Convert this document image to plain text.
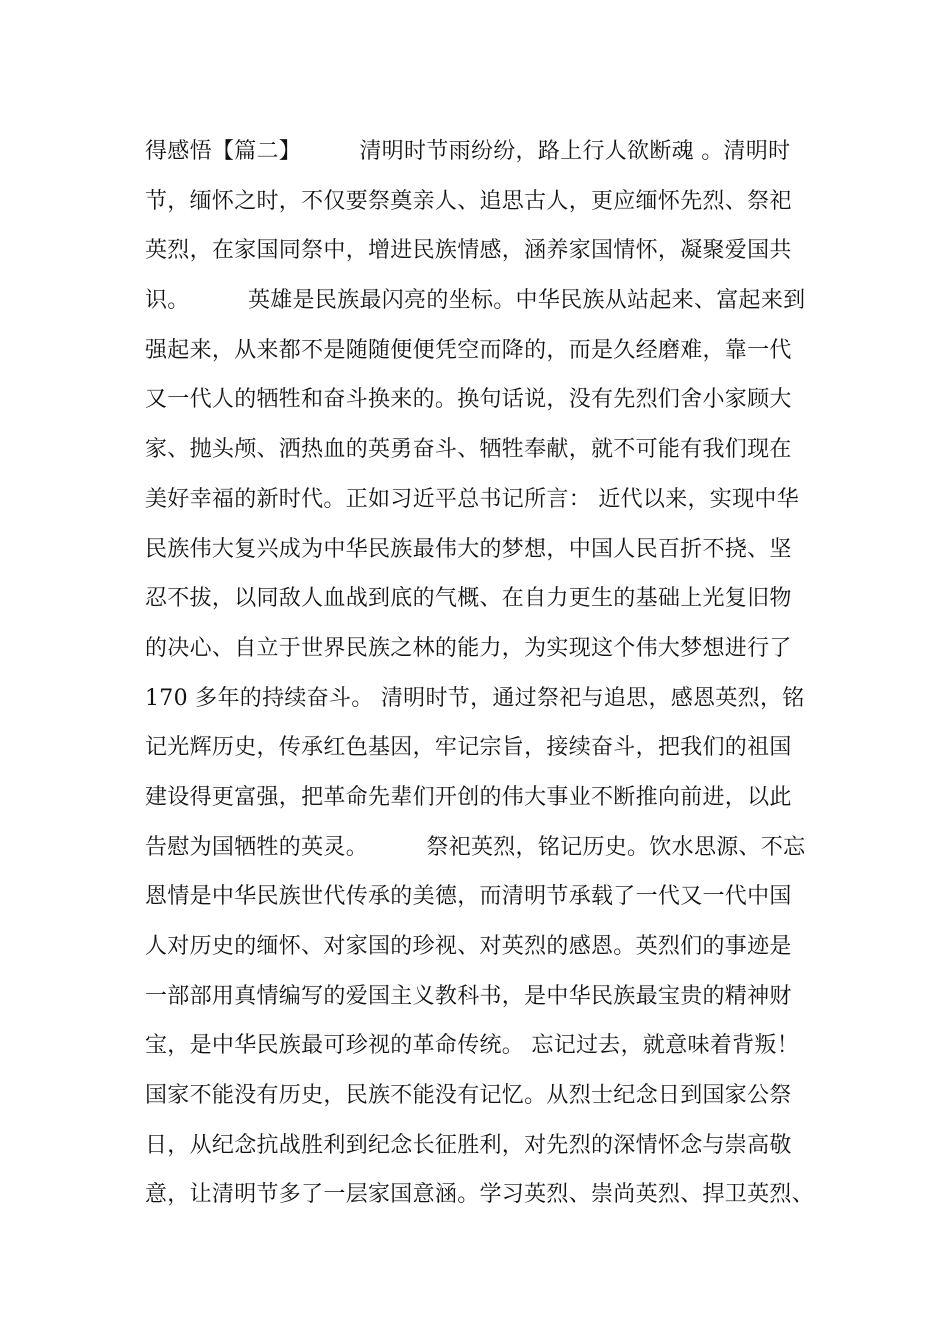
得感悟【篇二】        清明时节雨纷纷，路上行人欲断魂 。清明时
节，缅怀之时，不仅要祭奠亲人、追思古人，更应缅怀先烈、祭祀
英烈，在家国同祭中，增进民族情感，涵养家国情怀，凝聚爱国共
识。        英雄是民族最闪亮的坐标。中华民族从站起来、富起来到
强起来，从来都不是随随便便凭空而降的，而是久经磨难，靠一代
又一代人的牺牲和奋斗换来的。换句话说，没有先烈们舍小家顾大
家、抛头颅、洒热血的英勇奋斗、牺牲奉献，就不可能有我们现在
美好幸福的新时代。正如习近平总书记所言： 近代以来，实现中华
民族伟大复兴成为中华民族最伟大的梦想，中国人民百折不挠、坚
忍不拔，以同敌人血战到底的气概、在自力更生的基础上光复旧物
的决心、自立于世界民族之林的能力，为实现这个伟大梦想进行了
170 多年的持续奋斗。 清明时节，通过祭祀与追思，感恩英烈，铭
记光辉历史，传承红色基因，牢记宗旨，接续奋斗，把我们的祖国
建设得更富强，把革命先辈们开创的伟大事业不断推向前进，以此
告慰为国牺牲的英灵。        祭祀英烈，铭记历史。饮水思源、不忘
恩情是中华民族世代传承的美德，而清明节承载了一代又一代中国
人对历史的缅怀、对家国的珍视、对英烈的感恩。英烈们的事迹是
一部部用真情编写的爱国主义教科书，是中华民族最宝贵的精神财
宝，是中华民族最可珍视的革命传统。 忘记过去，就意味着背叛！
国家不能没有历史，民族不能没有记忆。从烈士纪念日到国家公祭
日，从纪念抗战胜利到纪念长征胜利，对先烈的深情怀念与崇高敬
意，让清明节多了一层家国意涵。学习英烈、崇尚英烈、捍卫英烈、
